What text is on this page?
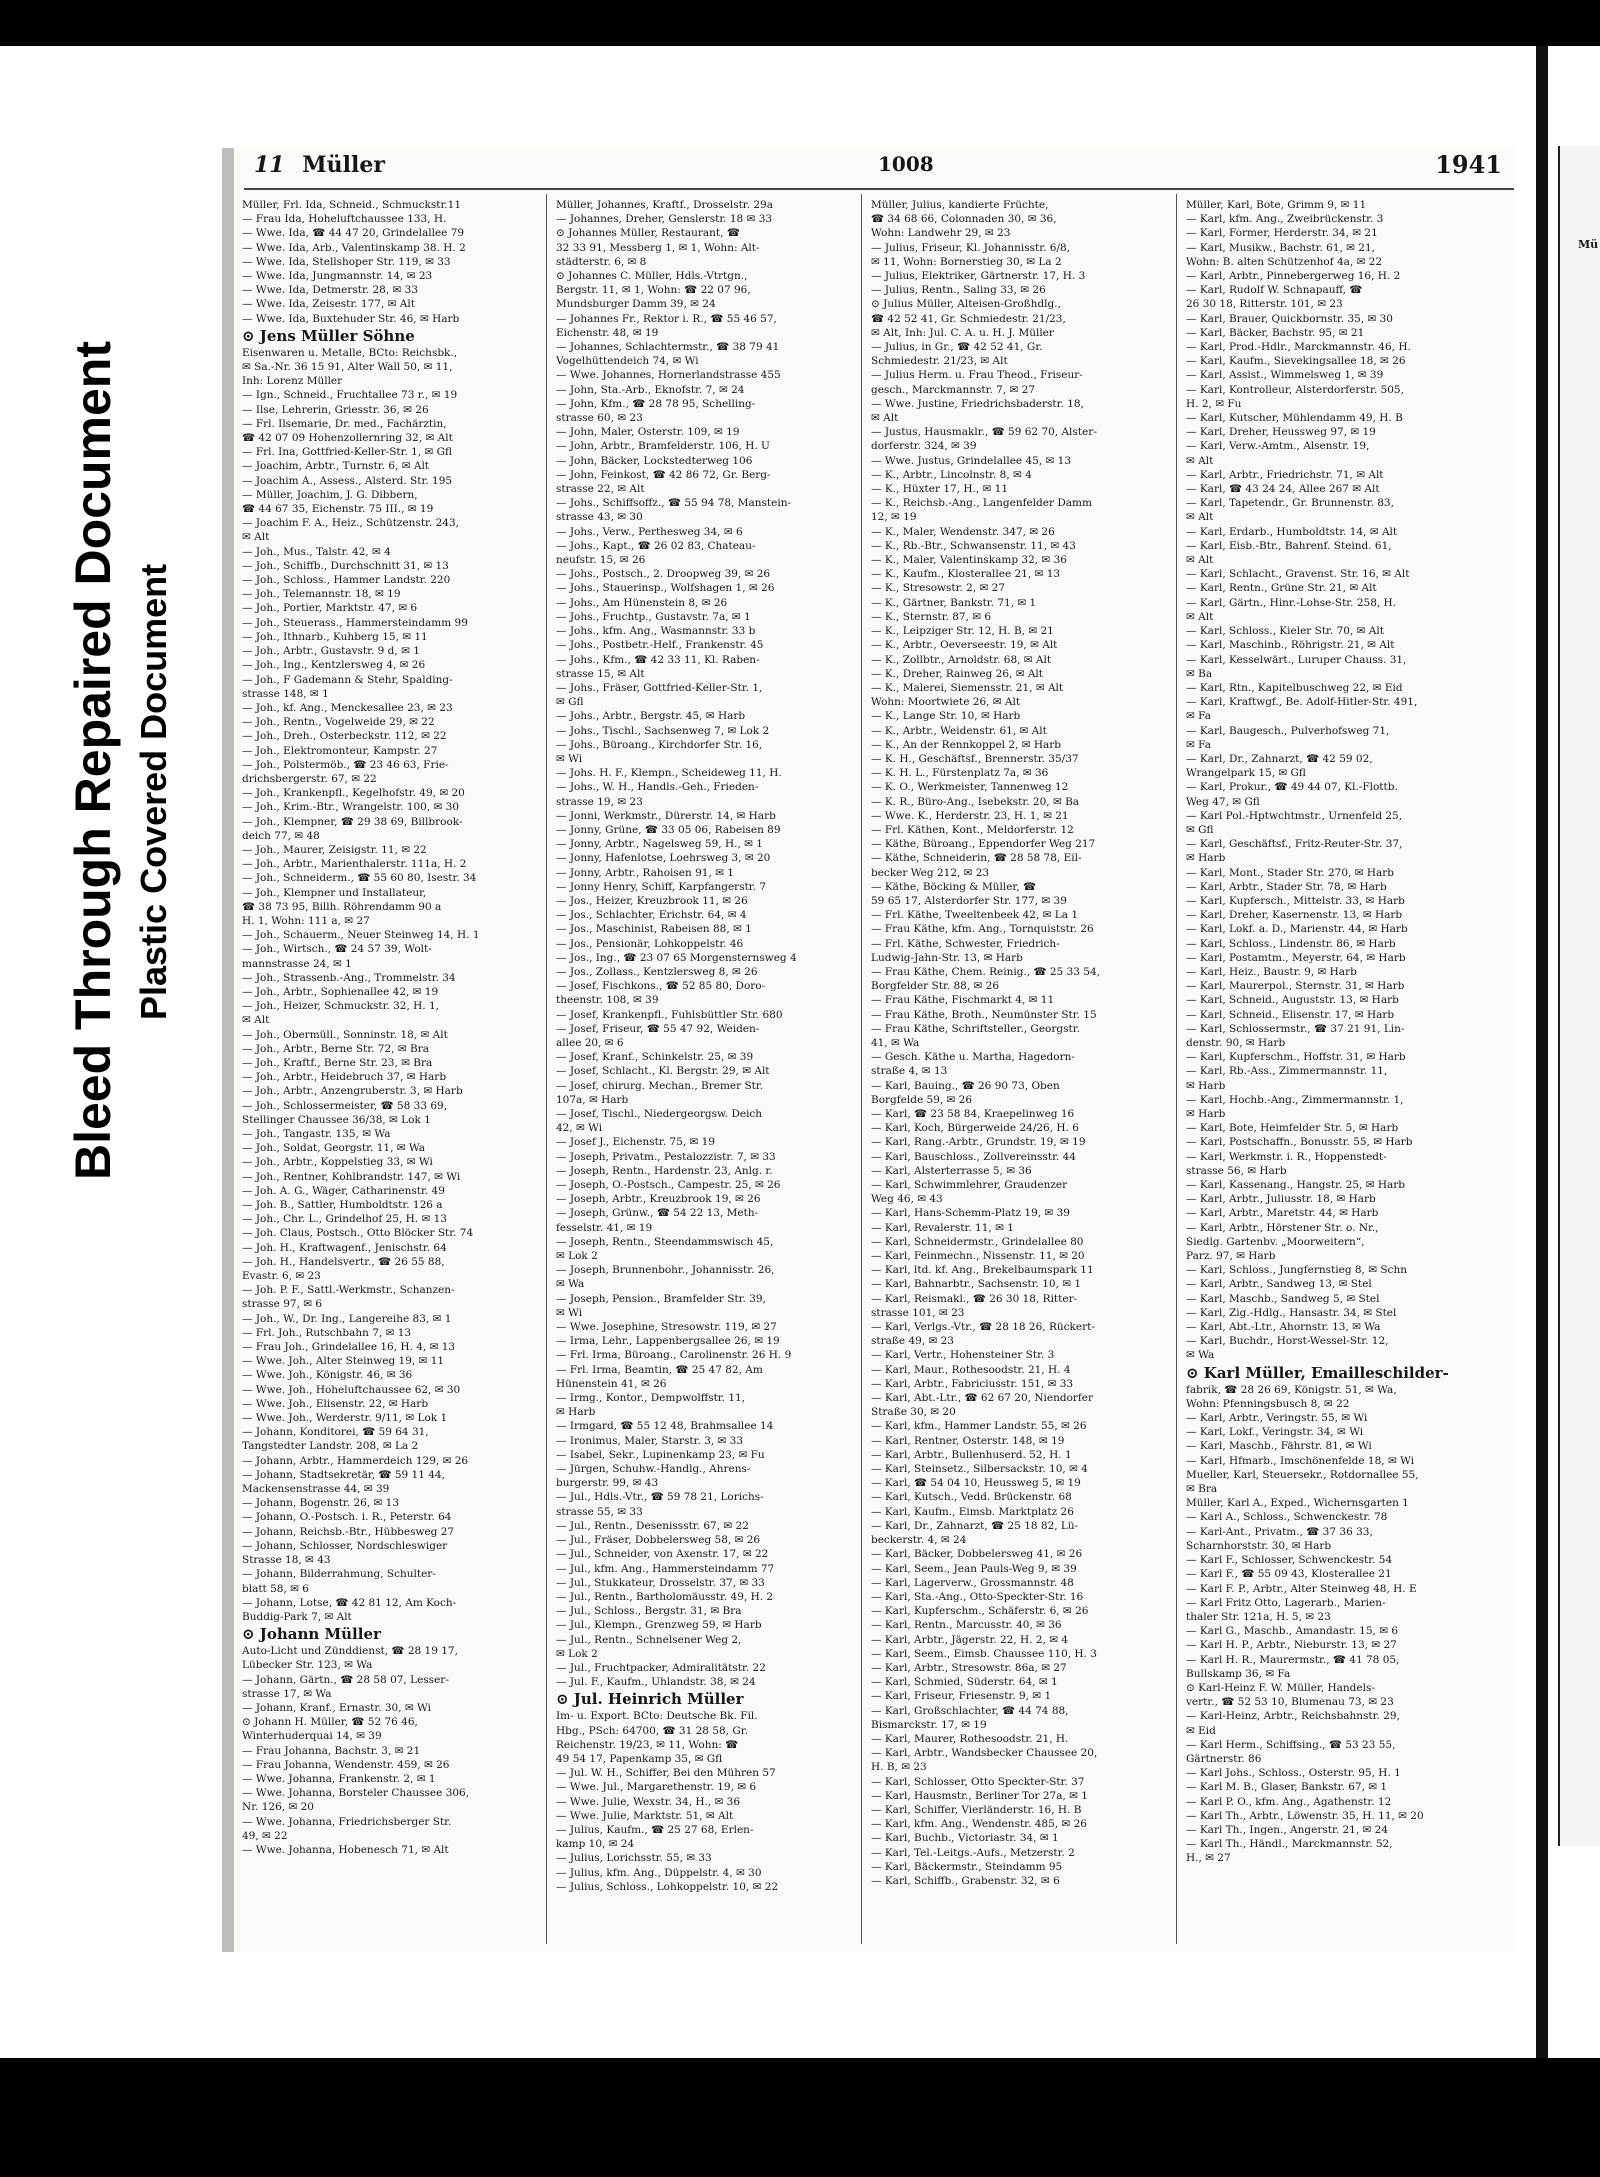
Bleed Through Repaired Document Plastic Covered Document
11 Müller	1008	1941
Müller, Frl. Ida, Schneid., Schmuckstr.11
— Frau Ida, Hoheluftchaussee 133, H.
— Wwe. Ida, ☎ 44 47 20, Grindelallee 79
— Wwe. Ida, Arb., Valentinskamp 38. H. 2
— Wwe. Ida, Stellshoper Str. 119, ✉ 33
— Wwe. Ida, Jungmannstr. 14, ✉ 23
— Wwe. Ida, Detmerstr. 28, ✉ 33
— Wwe. Ida, Zeisestr. 177, ✉ Alt
— Wwe. Ida, Buxtehuder Str. 46, ✉ Harb
⊙ Jens Müller Söhne
Eisenwaren u. Metalle, BCto: Reichsbk.,
✉ Sa.-Nr. 36 15 91, Alter Wall 50, ✉ 11,
Inh: Lorenz Müller
— Ign., Schneid., Fruchtallee 73 r., ✉ 19
— Ilse, Lehrerin, Griesstr. 36, ✉ 26
— Frl. Ilsemarie, Dr. med., Fachärztin,
☎ 42 07 09 Hohenzollernring 32, ✉ Alt
— Frl. Ina, Gottfried-Keller-Str. 1, ✉ Gfl
— Joachim, Arbtr., Turnstr. 6, ✉ Alt
— Joachim A., Assess., Alsterd. Str. 195
— Müller, Joachim, J. G. Dibbern,
☎ 44 67 35, Eichenstr. 75 III., ✉ 19
— Joachim F. A., Heiz., Schützenstr. 243,
✉ Alt
— Joh., Mus., Talstr. 42, ✉ 4
— Joh., Schiffb., Durchschnitt 31, ✉ 13
— Joh., Schloss., Hammer Landstr. 220
— Joh., Telemannstr. 18, ✉ 19
— Joh., Portier, Marktstr. 47, ✉ 6
— Joh., Steuerass., Hammersteindamm 99
— Joh., Ithnarb., Kuhberg 15, ✉ 11
— Joh., Arbtr., Gustavstr. 9 d, ✉ 1
— Joh., Ing., Kentzlersweg 4, ✉ 26
— Joh., F Gademann & Stehr, Spalding-
strasse 148, ✉ 1
— Joh., kf. Ang., Menckesallee 23, ✉ 23
— Joh., Rentn., Vogelweide 29, ✉ 22
— Joh., Dreh., Osterbeckstr. 112, ✉ 22
— Joh., Elektromonteur, Kampstr. 27
— Joh., Polstermöb., ☎ 23 46 63, Frie-
drichsbergerstr. 67, ✉ 22
— Joh., Krankenpfl., Kegelhofstr. 49, ✉ 20
— Joh., Krim.-Btr., Wrangelstr. 100, ✉ 30
— Joh., Klempner, ☎ 29 38 69, Billbrook-
deich 77, ✉ 48
— Joh., Maurer, Zeisigstr. 11, ✉ 22
— Joh., Arbtr., Marienthalerstr. 111a, H. 2
— Joh., Schneiderm., ☎ 55 60 80, Isestr. 34
— Joh., Klempner und Installateur,
☎ 38 73 95, Billh. Röhrendamm 90 a
H. 1, Wohn: 111 a, ✉ 27
— Joh., Schauerm., Neuer Steinweg 14, H. 1
— Joh., Wirtsch., ☎ 24 57 39, Wolt-
mannstrasse 24, ✉ 1
— Joh., Strassenb.-Ang., Trommelstr. 34
— Joh., Arbtr., Sophienallee 42, ✉ 19
— Joh., Heizer, Schmuckstr. 32, H. 1,
✉ Alt
— Joh., Obermüll., Sonninstr. 18, ✉ Alt
— Joh., Arbtr., Berne Str. 72, ✉ Bra
— Joh., Kraftf., Berne Str. 23, ✉ Bra
— Joh., Arbtr., Heidebruch 37, ✉ Harb
— Joh., Arbtr., Anzengruberstr. 3, ✉ Harb
— Joh., Schlossermeister, ☎ 58 33 69,
Stellinger Chaussee 36/38, ✉ Lok 1
— Joh., Tangastr. 135, ✉ Wa
— Joh., Soldat, Georgstr. 11, ✉ Wa
— Joh., Arbtr., Koppelstieg 33, ✉ Wi
— Joh., Rentner, Kohlbrandstr. 147, ✉ Wi
— Joh. A. G., Wäger, Catharinenstr. 49
— Joh. B., Sattler, Humboldtstr. 126 a
— Joh., Chr. L., Grindelhof 25, H. ✉ 13
— Joh. Claus, Postsch., Otto Blöcker Str. 74
— Joh. H., Kraftwagenf., Jenischstr. 64
— Joh. H., Handelsvertr., ☎ 26 55 88,
Evastr. 6, ✉ 23
— Joh. P. F., Sattl.-Werkmstr., Schanzen-
strasse 97, ✉ 6
— Joh., W., Dr. Ing., Langereihe 83, ✉ 1
— Frl. Joh., Rutschbahn 7, ✉ 13
— Frau Joh., Grindelallee 16, H. 4, ✉ 13
— Wwe. Joh., Alter Steinweg 19, ✉ 11
— Wwe. Joh., Königstr. 46, ✉ 36
— Wwe. Joh., Hoheluftchaussee 62, ✉ 30
— Wwe. Joh., Elisenstr. 22, ✉ Harb
— Wwe. Joh., Werderstr. 9/11, ✉ Lok 1
— Johann, Konditorei, ☎ 59 64 31,
Tangstedter Landstr. 208, ✉ La 2
— Johann, Arbtr., Hammerdeich 129, ✉ 26
— Johann, Stadtsekretär, ☎ 59 11 44,
Mackensenstrasse 44, ✉ 39
— Johann, Bogenstr. 26, ✉ 13
— Johann, O.-Postsch. i. R., Peterstr. 64
— Johann, Reichsb.-Btr., Hübbesweg 27
— Johann, Schlosser, Nordschleswiger
Strasse 18, ✉ 43
— Johann, Bilderrahmung, Schulter-
blatt 58, ✉ 6
— Johann, Lotse, ☎ 42 81 12, Am Koch-
Buddig-Park 7, ✉ Alt
⊙ Johann Müller
Auto-Licht und Zünddienst, ☎ 28 19 17,
Lübecker Str. 123, ✉ Wa
— Johann, Gärtn., ☎ 28 58 07, Lesser-
strasse 17, ✉ Wa
— Johann, Kranf., Ernastr. 30, ✉ Wi
⊙ Johann H. Müller, ☎ 52 76 46,
Winterhuderquai 14, ✉ 39
— Frau Johanna, Bachstr. 3, ✉ 21
— Frau Johanna, Wendenstr. 459, ✉ 26
— Wwe. Johanna, Frankenstr. 2, ✉ 1
— Wwe. Johanna, Borsteler Chaussee 306,
Nr. 126, ✉ 20
— Wwe. Johanna, Friedrichsberger Str.
49, ✉ 22
— Wwe. Johanna, Hobenesch 71, ✉ Alt
Müller, Johannes, Kraftf., Drosselstr. 29a
— Johannes, Dreher, Genslerstr. 18 ✉ 33
⊙ Johannes Müller, Restaurant, ☎
32 33 91, Messberg 1, ✉ 1, Wohn: Alt-
städterstr. 6, ✉ 8
⊙ Johannes C. Müller, Hdls.-Vtrtgn.,
Bergstr. 11, ✉ 1, Wohn: ☎ 22 07 96,
Mundsburger Damm 39, ✉ 24
— Johannes Fr., Rektor i. R., ☎ 55 46 57,
Eichenstr. 48, ✉ 19
— Johannes, Schlachtermstr., ☎ 38 79 41
Vogelhüttendeich 74, ✉ Wi
— Wwe. Johannes, Hornerlandstrasse 455
— John, Sta.-Arb., Eknofstr. 7, ✉ 24
— John, Kfm., ☎ 28 78 95, Schelling-
strasse 60, ✉ 23
— John, Maler, Osterstr. 109, ✉ 19
— John, Arbtr., Bramfelderstr. 106, H. U
— John, Bäcker, Lockstedterweg 106
— John, Feinkost, ☎ 42 86 72, Gr. Berg-
strasse 22, ✉ Alt
— Johs., Schiffsoffz., ☎ 55 94 78, Manstein-
strasse 43, ✉ 30
— Johs., Verw., Perthesweg 34, ✉ 6
— Johs., Kapt., ☎ 26 02 83, Chateau-
neufstr. 15, ✉ 26
— Johs., Postsch., 2. Droopweg 39, ✉ 26
— Johs., Stauerinsp., Wolfshagen 1, ✉ 26
— Johs., Am Hünenstein 8, ✉ 26
— Johs., Fruchtp., Gustavstr. 7a, ✉ 1
— Johs., kfm. Ang., Wasmannstr. 33 b
— Johs., Postbetr.-Helf., Frankenstr. 45
— Johs., Kfm., ☎ 42 33 11, Kl. Raben-
strasse 15, ✉ Alt
— Johs., Fräser, Gottfried-Keller-Str. 1,
✉ Gfl
— Johs., Arbtr., Bergstr. 45, ✉ Harb
— Johs., Tischl., Sachsenweg 7, ✉ Lok 2
— Johs., Büroang., Kirchdorfer Str. 16,
✉ Wi
— Johs. H. F., Klempn., Scheideweg 11, H.
— Johs., W. H., Handls.-Geh., Frieden-
strasse 19, ✉ 23
— Jonni, Werkmstr., Dürerstr. 14, ✉ Harb
— Jonny, Grüne, ☎ 33 05 06, Rabeisen 89
— Jonny, Arbtr., Nagelsweg 59, H., ✉ 1
— Jonny, Hafenlotse, Loehrsweg 3, ✉ 20
— Jonny, Arbtr., Rahoisen 91, ✉ 1
— Jonny Henry, Schiff, Karpfangerstr. 7
— Jos., Heizer, Kreuzbrook 11, ✉ 26
— Jos., Schlachter, Erichstr. 64, ✉ 4
— Jos., Maschinist, Rabeisen 88, ✉ 1
— Jos., Pensionär, Lohkoppelstr. 46
— Jos., Ing., ☎ 23 07 65 Morgensternsweg 4
— Jos., Zollass., Kentzlersweg 8, ✉ 26
— Josef, Fischkons., ☎ 52 85 80, Doro-
theenstr. 108, ✉ 39
— Josef, Krankenpfl., Fuhlsbüttler Str. 680
— Josef, Friseur, ☎ 55 47 92, Weiden-
allee 20, ✉ 6
— Josef, Kranf., Schinkelstr. 25, ✉ 39
— Josef, Schlacht., Kl. Bergstr. 29, ✉ Alt
— Josef, chirurg. Mechan., Bremer Str.
107a, ✉ Harb
— Josef, Tischl., Niedergeorgsw. Deich
42, ✉ Wi
— Josef J., Eichenstr. 75, ✉ 19
— Joseph, Privatm., Pestalozzistr. 7, ✉ 33
— Joseph, Rentn., Hardenstr. 23, Anlg. r.
— Joseph, O.-Postsch., Campestr. 25, ✉ 26
— Joseph, Arbtr., Kreuzbrook 19, ✉ 26
— Joseph, Grünw., ☎ 54 22 13, Meth-
fesselstr. 41, ✉ 19
— Joseph, Rentn., Steendammswisch 45,
✉ Lok 2
— Joseph, Brunnenbohr., Johannisstr. 26,
✉ Wa
— Joseph, Pension., Bramfelder Str. 39,
✉ Wi
— Wwe. Josephine, Stresowstr. 119, ✉ 27
— Irma, Lehr., Lappenbergsallee 26, ✉ 19
— Frl. Irma, Büroang., Carolinenstr. 26 H. 9
— Frl. Irma, Beamtin, ☎ 25 47 82, Am
Hünenstein 41, ✉ 26
— Irmg., Kontor., Dempwolffstr. 11,
✉ Harb
— Irmgard, ☎ 55 12 48, Brahmsallee 14
— Ironimus, Maler, Starstr. 3, ✉ 33
— Isabel, Sekr., Lupinenkamp 23, ✉ Fu
— Jürgen, Schuhw.-Handlg., Ahrens-
burgerstr. 99, ✉ 43
— Jul., Hdls.-Vtr., ☎ 59 78 21, Lorichs-
strasse 55, ✉ 33
— Jul., Rentn., Desenissstr. 67, ✉ 22
— Jul., Fräser, Dobbelersweg 58, ✉ 26
— Jul., Schneider, von Axenstr. 17, ✉ 22
— Jul., kfm. Ang., Hammersteindamm 77
— Jul., Stukkateur, Drosselstr. 37, ✉ 33
— Jul., Rentn., Bartholomäusstr. 49, H. 2
— Jul., Schloss., Bergstr. 31, ✉ Bra
— Jul., Klempn., Grenzweg 59, ✉ Harb
— Jul., Rentn., Schnelsener Weg 2,
✉ Lok 2
— Jul., Fruchtpacker, Admiralitätstr. 22
— Jul. F., Kaufm., Uhlandstr. 38, ✉ 24
⊙ Jul. Heinrich Müller
Im- u. Export. BCto: Deutsche Bk. Fil.
Hbg., PSch: 64700, ☎ 31 28 58, Gr.
Reichenstr. 19/23, ✉ 11, Wohn: ☎
49 54 17, Papenkamp 35, ✉ Gfl
— Jul. W. H., Schiffer, Bei den Mühren 57
— Wwe. Jul., Margarethenstr. 19, ✉ 6
— Wwe. Julie, Wexstr. 34, H., ✉ 36
— Wwe. Julie, Marktstr. 51, ✉ Alt
— Julius, Kaufm., ☎ 25 27 68, Erlen-
kamp 10, ✉ 24
— Julius, Lorichsstr. 55, ✉ 33
— Julius, kfm. Ang., Düppelstr. 4, ✉ 30
— Julius, Schloss., Lohkoppelstr. 10, ✉ 22
Müller, Julius, kandierte Früchte,
☎ 34 68 66, Colonnaden 30, ✉ 36,
Wohn: Landwehr 29, ✉ 23
— Julius, Friseur, Kl. Johannisstr. 6/8,
✉ 11, Wohn: Bornerstieg 30, ✉ La 2
— Julius, Elektriker, Gärtnerstr. 17, H. 3
— Julius, Rentn., Saling 33, ✉ 26
⊙ Julius Müller, Alteisen-Großhdlg.,
☎ 42 52 41, Gr. Schmiedestr. 21/23,
✉ Alt, Inh: Jul. C. A. u. H. J. Müller
— Julius, in Gr., ☎ 42 52 41, Gr.
Schmiedestr. 21/23, ✉ Alt
— Julius Herm. u. Frau Theod., Friseur-
gesch., Marckmannstr. 7, ✉ 27
— Wwe. Justine, Friedrichsbaderstr. 18,
✉ Alt
— Justus, Hausmaklr., ☎ 59 62 70, Alster-
dorferstr. 324, ✉ 39
— Wwe. Justus, Grindelallee 45, ✉ 13
— K., Arbtr., Lincolnstr. 8, ✉ 4
— K., Hüxter 17, H., ✉ 11
— K., Reichsb.-Ang., Langenfelder Damm
12, ✉ 19
— K., Maler, Wendenstr. 347, ✉ 26
— K., Rb.-Btr., Schwansenstr. 11, ✉ 43
— K., Maler, Valentinskamp 32, ✉ 36
— K., Kaufm., Klosterallee 21, ✉ 13
— K., Stresowstr. 2, ✉ 27
— K., Gärtner, Bankstr. 71, ✉ 1
— K., Sternstr. 87, ✉ 6
— K., Leipziger Str. 12, H. B, ✉ 21
— K., Arbtr., Oeverseestr. 19, ✉ Alt
— K., Zollbtr., Arnoldstr. 68, ✉ Alt
— K., Dreher, Rainweg 26, ✉ Alt
— K., Malerei, Siemensstr. 21, ✉ Alt
Wohn: Moortwiete 26, ✉ Alt
— K., Lange Str. 10, ✉ Harb
— K., Arbtr., Weidenstr. 61, ✉ Alt
— K., An der Rennkoppel 2, ✉ Harb
— K. H., Geschäftsf., Brennerstr. 35/37
— K. H. L., Fürstenplatz 7a, ✉ 36
— K. O., Werkmeister, Tannenweg 12
— K. R., Büro-Ang., Isebekstr. 20, ✉ Ba
— Wwe. K., Herderstr. 23, H. 1, ✉ 21
— Frl. Käthen, Kont., Meldorferstr. 12
— Käthe, Büroang., Eppendorfer Weg 217
— Käthe, Schneiderin, ☎ 28 58 78, Eil-
becker Weg 212, ✉ 23
— Käthe, Böcking & Müller, ☎
59 65 17, Alsterdorfer Str. 177, ✉ 39
— Frl. Käthe, Tweeltenbeek 42, ✉ La 1
— Frau Käthe, kfm. Ang., Tornquiststr. 26
— Frl. Käthe, Schwester, Friedrich-
Ludwig-Jahn-Str. 13, ✉ Harb
— Frau Käthe, Chem. Reinig., ☎ 25 33 54,
Borgfelder Str. 88, ✉ 26
— Frau Käthe, Fischmarkt 4, ✉ 11
— Frau Käthe, Broth., Neumünster Str. 15
— Frau Käthe, Schriftsteller., Georgstr.
41, ✉ Wa
— Gesch. Käthe u. Martha, Hagedorn-
straße 4, ✉ 13
— Karl, Bauing., ☎ 26 90 73, Oben
Borgfelde 59, ✉ 26
— Karl, ☎ 23 58 84, Kraepelinweg 16
— Karl, Koch, Bürgerweide 24/26, H. 6
— Karl, Rang.-Arbtr., Grundstr. 19, ✉ 19
— Karl, Bauschloss., Zollvereinsstr. 44
— Karl, Alsterterrasse 5, ✉ 36
— Karl, Schwimmlehrer, Graudenzer
Weg 46, ✉ 43
— Karl, Hans-Schemm-Platz 19, ✉ 39
— Karl, Revalerstr. 11, ✉ 1
— Karl, Schneidermstr., Grindelallee 80
— Karl, Feinmechn., Nissenstr. 11, ✉ 20
— Karl, ltd. kf. Ang., Brekelbaumspark 11
— Karl, Bahnarbtr., Sachsenstr. 10, ✉ 1
— Karl, Reismakl., ☎ 26 30 18, Ritter-
strasse 101, ✉ 23
— Karl, Verlgs.-Vtr., ☎ 28 18 26, Rückert-
straße 49, ✉ 23
— Karl, Vertr., Hohensteiner Str. 3
— Karl, Maur., Rothesoodstr. 21, H. 4
— Karl, Arbtr., Fabriciusstr. 151, ✉ 33
— Karl, Abt.-Ltr., ☎ 62 67 20, Niendorfer
Straße 30, ✉ 20
— Karl, kfm., Hammer Landstr. 55, ✉ 26
— Karl, Rentner, Osterstr. 148, ✉ 19
— Karl, Arbtr., Bullenhuserd. 52, H. 1
— Karl, Steinsetz., Silbersackstr. 10, ✉ 4
— Karl, ☎ 54 04 10, Heussweg 5, ✉ 19
— Karl, Kutsch., Vedd. Brückenstr. 68
— Karl, Kaufm., Eimsb. Marktplatz 26
— Karl, Dr., Zahnarzt, ☎ 25 18 82, Lü-
beckerstr. 4, ✉ 24
— Karl, Bäcker, Dobbelersweg 41, ✉ 26
— Karl, Seem., Jean Pauls-Weg 9, ✉ 39
— Karl, Lagerverw., Grossmannstr. 48
— Karl, Sta.-Ang., Otto-Speckter-Str. 16
— Karl, Kupferschm., Schäferstr. 6, ✉ 26
— Karl, Rentn., Marcusstr. 40, ✉ 36
— Karl, Arbtr., Jägerstr. 22, H. 2, ✉ 4
— Karl, Seem., Eimsb. Chaussee 110, H. 3
— Karl, Arbtr., Stresowstr. 86a, ✉ 27
— Karl, Schmied, Süderstr. 64, ✉ 1
— Karl, Friseur, Friesenstr. 9, ✉ 1
— Karl, Großschlachter, ☎ 44 74 88,
Bismarckstr. 17, ✉ 19
— Karl, Maurer, Rothesoodstr. 21, H.
— Karl, Arbtr., Wandsbecker Chaussee 20,
H. B, ✉ 23
— Karl, Schlosser, Otto Speckter-Str. 37
— Karl, Hausmstr., Berliner Tor 27a, ✉ 1
— Karl, Schiffer, Vierländerstr. 16, H. B
— Karl, kfm. Ang., Wendenstr. 485, ✉ 26
— Karl, Buchb., Victoriastr. 34, ✉ 1
— Karl, Tel.-Leitgs.-Aufs., Metzerstr. 2
— Karl, Bäckermstr., Steindamm 95
— Karl, Schiffb., Grabenstr. 32, ✉ 6
Müller, Karl, Bote, Grimm 9, ✉ 11
— Karl, kfm. Ang., Zweibrückenstr. 3
— Karl, Former, Herderstr. 34, ✉ 21
— Karl, Musikw., Bachstr. 61, ✉ 21,
Wohn: B. alten Schützenhof 4a, ✉ 22
— Karl, Arbtr., Pinnebergerweg 16, H. 2
— Karl, Rudolf W. Schnapauff, ☎
26 30 18, Ritterstr. 101, ✉ 23
— Karl, Brauer, Quickbornstr. 35, ✉ 30
— Karl, Bäcker, Bachstr. 95, ✉ 21
— Karl, Prod.-Hdlr., Marckmannstr. 46, H.
— Karl, Kaufm., Sievekingsallee 18, ✉ 26
— Karl, Assist., Wimmelsweg 1, ✉ 39
— Karl, Kontrolleur, Alsterdorferstr. 505,
H. 2, ✉ Fu
— Karl, Kutscher, Mühlendamm 49, H. B
— Karl, Dreher, Heussweg 97, ✉ 19
— Karl, Verw.-Amtm., Alsenstr. 19,
✉ Alt
— Karl, Arbtr., Friedrichstr. 71, ✉ Alt
— Karl, ☎ 43 24 24, Allee 267 ✉ Alt
— Karl, Tapetendr., Gr. Brunnenstr. 83,
✉ Alt
— Karl, Erdarb., Humboldtstr. 14, ✉ Alt
— Karl, Eisb.-Btr., Bahrenf. Steind. 61,
✉ Alt
— Karl, Schlacht., Gravenst. Str. 16, ✉ Alt
— Karl, Rentn., Grüne Str. 21, ✉ Alt
— Karl, Gärtn., Hinr.-Lohse-Str. 258, H.
✉ Alt
— Karl, Schloss., Kieler Str. 70, ✉ Alt
— Karl, Maschinb., Röhrigstr. 21, ✉ Alt
— Karl, Kesselwärt., Luruper Chauss. 31,
✉ Ba
— Karl, Rtn., Kapitelbuschweg 22, ✉ Eid
— Karl, Kraftwgf., Be. Adolf-Hitler-Str. 491,
✉ Fa
— Karl, Baugesch., Pulverhofsweg 71,
✉ Fa
— Karl, Dr., Zahnarzt, ☎ 42 59 02,
Wrangelpark 15, ✉ Gfl
— Karl, Prokur., ☎ 49 44 07, Kl.-Flottb.
Weg 47, ✉ Gfl
— Karl Pol.-Hptwchtmstr., Urnenfeld 25,
✉ Gfl
— Karl, Geschäftsf., Fritz-Reuter-Str. 37,
✉ Harb
— Karl, Mont., Stader Str. 270, ✉ Harb
— Karl, Arbtr., Stader Str. 78, ✉ Harb
— Karl, Kupfersch., Mittelstr. 33, ✉ Harb
— Karl, Dreher, Kasernenstr. 13, ✉ Harb
— Karl, Lokf. a. D., Marienstr. 44, ✉ Harb
— Karl, Schloss., Lindenstr. 86, ✉ Harb
— Karl, Postamtm., Meyerstr. 64, ✉ Harb
— Karl, Heiz., Baustr. 9, ✉ Harb
— Karl, Maurerpol., Sternstr. 31, ✉ Harb
— Karl, Schneid., Auguststr. 13, ✉ Harb
— Karl, Schneid., Elisenstr. 17, ✉ Harb
— Karl, Schlossermstr., ☎ 37 21 91, Lin-
denstr. 90, ✉ Harb
— Karl, Kupferschm., Hoffstr. 31, ✉ Harb
— Karl, Rb.-Ass., Zimmermannstr. 11,
✉ Harb
— Karl, Hochb.-Ang., Zimmermannstr. 1,
✉ Harb
— Karl, Bote, Heimfelder Str. 5, ✉ Harb
— Karl, Postschaffn., Bonusstr. 55, ✉ Harb
— Karl, Werkmstr. i. R., Hoppenstedt-
strasse 56, ✉ Harb
— Karl, Kassenang., Hangstr. 25, ✉ Harb
— Karl, Arbtr., Juliusstr. 18, ✉ Harb
— Karl, Arbtr., Maretstr. 44, ✉ Harb
— Karl, Arbtr., Hörstener Str. o. Nr.,
Siedlg. Gartenbv. „Moorweitern“,
Parz. 97, ✉ Harb
— Karl, Schloss., Jungfernstieg 8, ✉ Schn
— Karl, Arbtr., Sandweg 13, ✉ Stel
— Karl, Maschb., Sandweg 5, ✉ Stel
— Karl, Zig.-Hdlg., Hansastr. 34, ✉ Stel
— Karl, Abt.-Ltr., Ahornstr. 13, ✉ Wa
— Karl, Buchdr., Horst-Wessel-Str. 12,
✉ Wa
⊙ Karl Müller, Emailleschilder-
fabrik, ☎ 28 26 69, Königstr. 51, ✉ Wa,
Wohn: Pfenningsbusch 8, ✉ 22
— Karl, Arbtr., Veringstr. 55, ✉ Wi
— Karl, Lokf., Veringstr. 34, ✉ Wi
— Karl, Maschb., Fährstr. 81, ✉ Wi
— Karl, Hfmarb., Imschönenfelde 18, ✉ Wi
Mueller, Karl, Steuersekr., Rotdornallee 55,
✉ Bra
Müller, Karl A., Exped., Wichernsgarten 1
— Karl A., Schloss., Schwenckestr. 78
— Karl-Ant., Privatm., ☎ 37 36 33,
Scharnhorststr. 30, ✉ Harb
— Karl F., Schlosser, Schwenckestr. 54
— Karl F., ☎ 55 09 43, Klosterallee 21
— Karl F. P., Arbtr., Alter Steinweg 48, H. E
— Karl Fritz Otto, Lagerarb., Marien-
thaler Str. 121a, H. 5, ✉ 23
— Karl G., Maschb., Amandastr. 15, ✉ 6
— Karl H. P., Arbtr., Nieburstr. 13, ✉ 27
— Karl H. R., Maurermstr., ☎ 41 78 05,
Bullskamp 36, ✉ Fa
⊙ Karl-Heinz F. W. Müller, Handels-
vertr., ☎ 52 53 10, Blumenau 73, ✉ 23
— Karl-Heinz, Arbtr., Reichsbahnstr. 29,
✉ Eid
— Karl Herm., Schiffsing., ☎ 53 23 55,
Gärtnerstr. 86
— Karl Johs., Schloss., Osterstr. 95, H. 1
— Karl M. B., Glaser, Bankstr. 67, ✉ 1
— Karl P. O., kfm. Ang., Agathenstr. 12
— Karl Th., Arbtr., Löwenstr. 35, H. 11, ✉ 20
— Karl Th., Ingen., Angerstr. 21, ✉ 24
— Karl Th., Händl., Marckmannstr. 52,
H., ✉ 27
Mü
